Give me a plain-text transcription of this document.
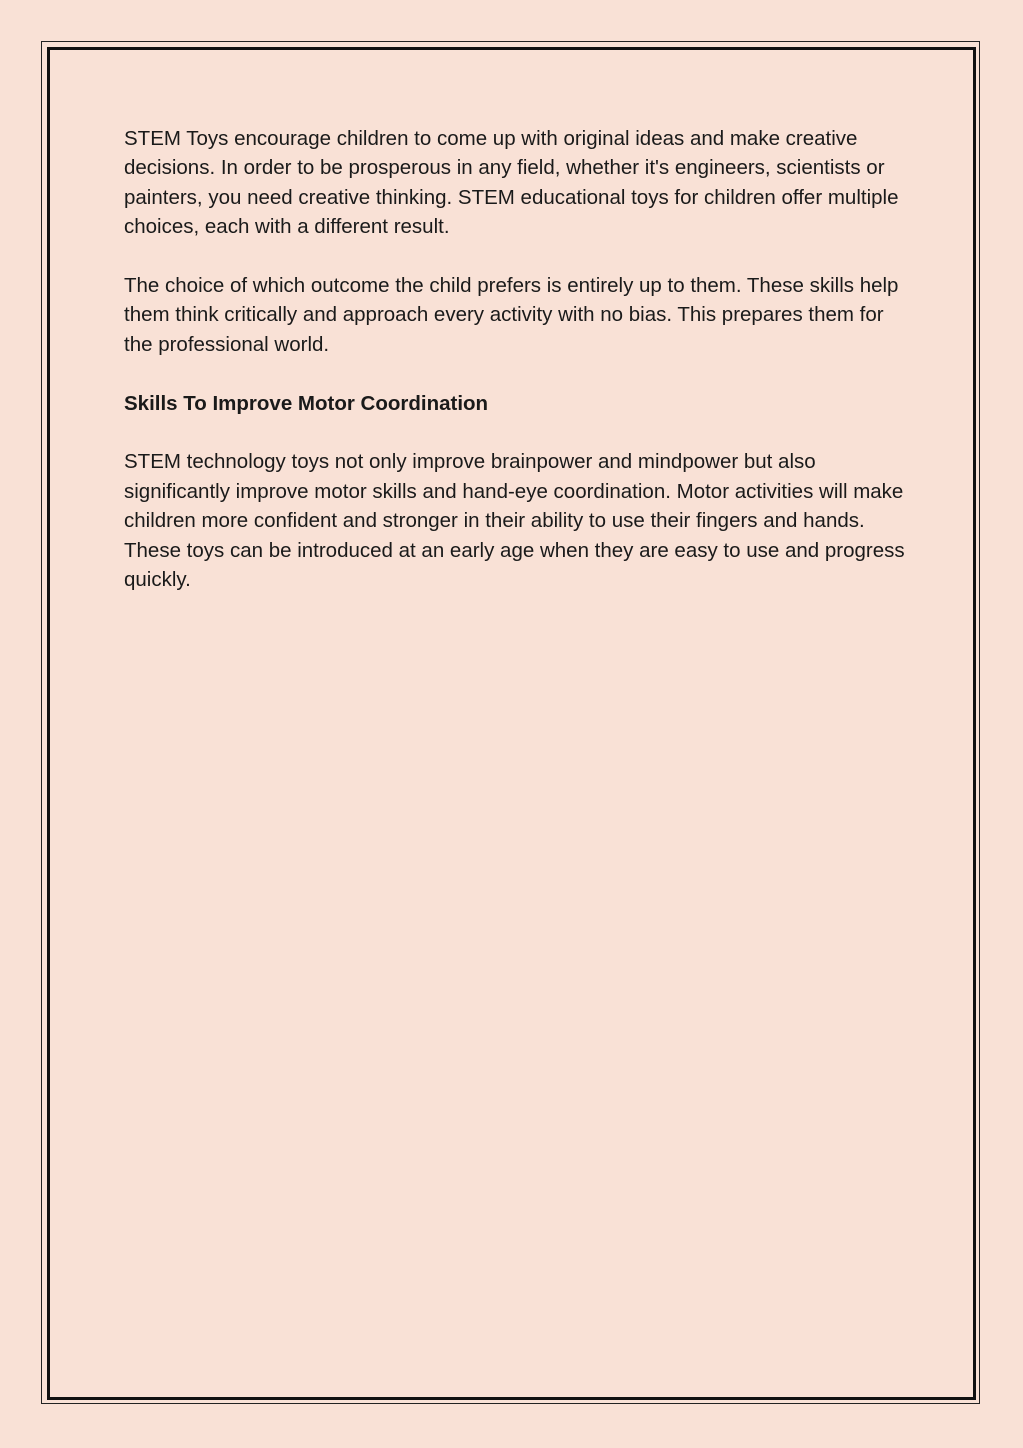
STEM Toys encourage children to come up with original ideas and make creative decisions. In order to be prosperous in any field, whether it's engineers, scientists or painters, you need creative thinking. STEM educational toys for children offer multiple choices, each with a different result.

The choice of which outcome the child prefers is entirely up to them. These skills help them think critically and approach every activity with no bias. This prepares them for the professional world.

Skills To Improve Motor Coordination

STEM technology toys not only improve brainpower and mindpower but also significantly improve motor skills and hand-eye coordination. Motor activities will make children more confident and stronger in their ability to use their fingers and hands. These toys can be introduced at an early age when they are easy to use and progress quickly.
